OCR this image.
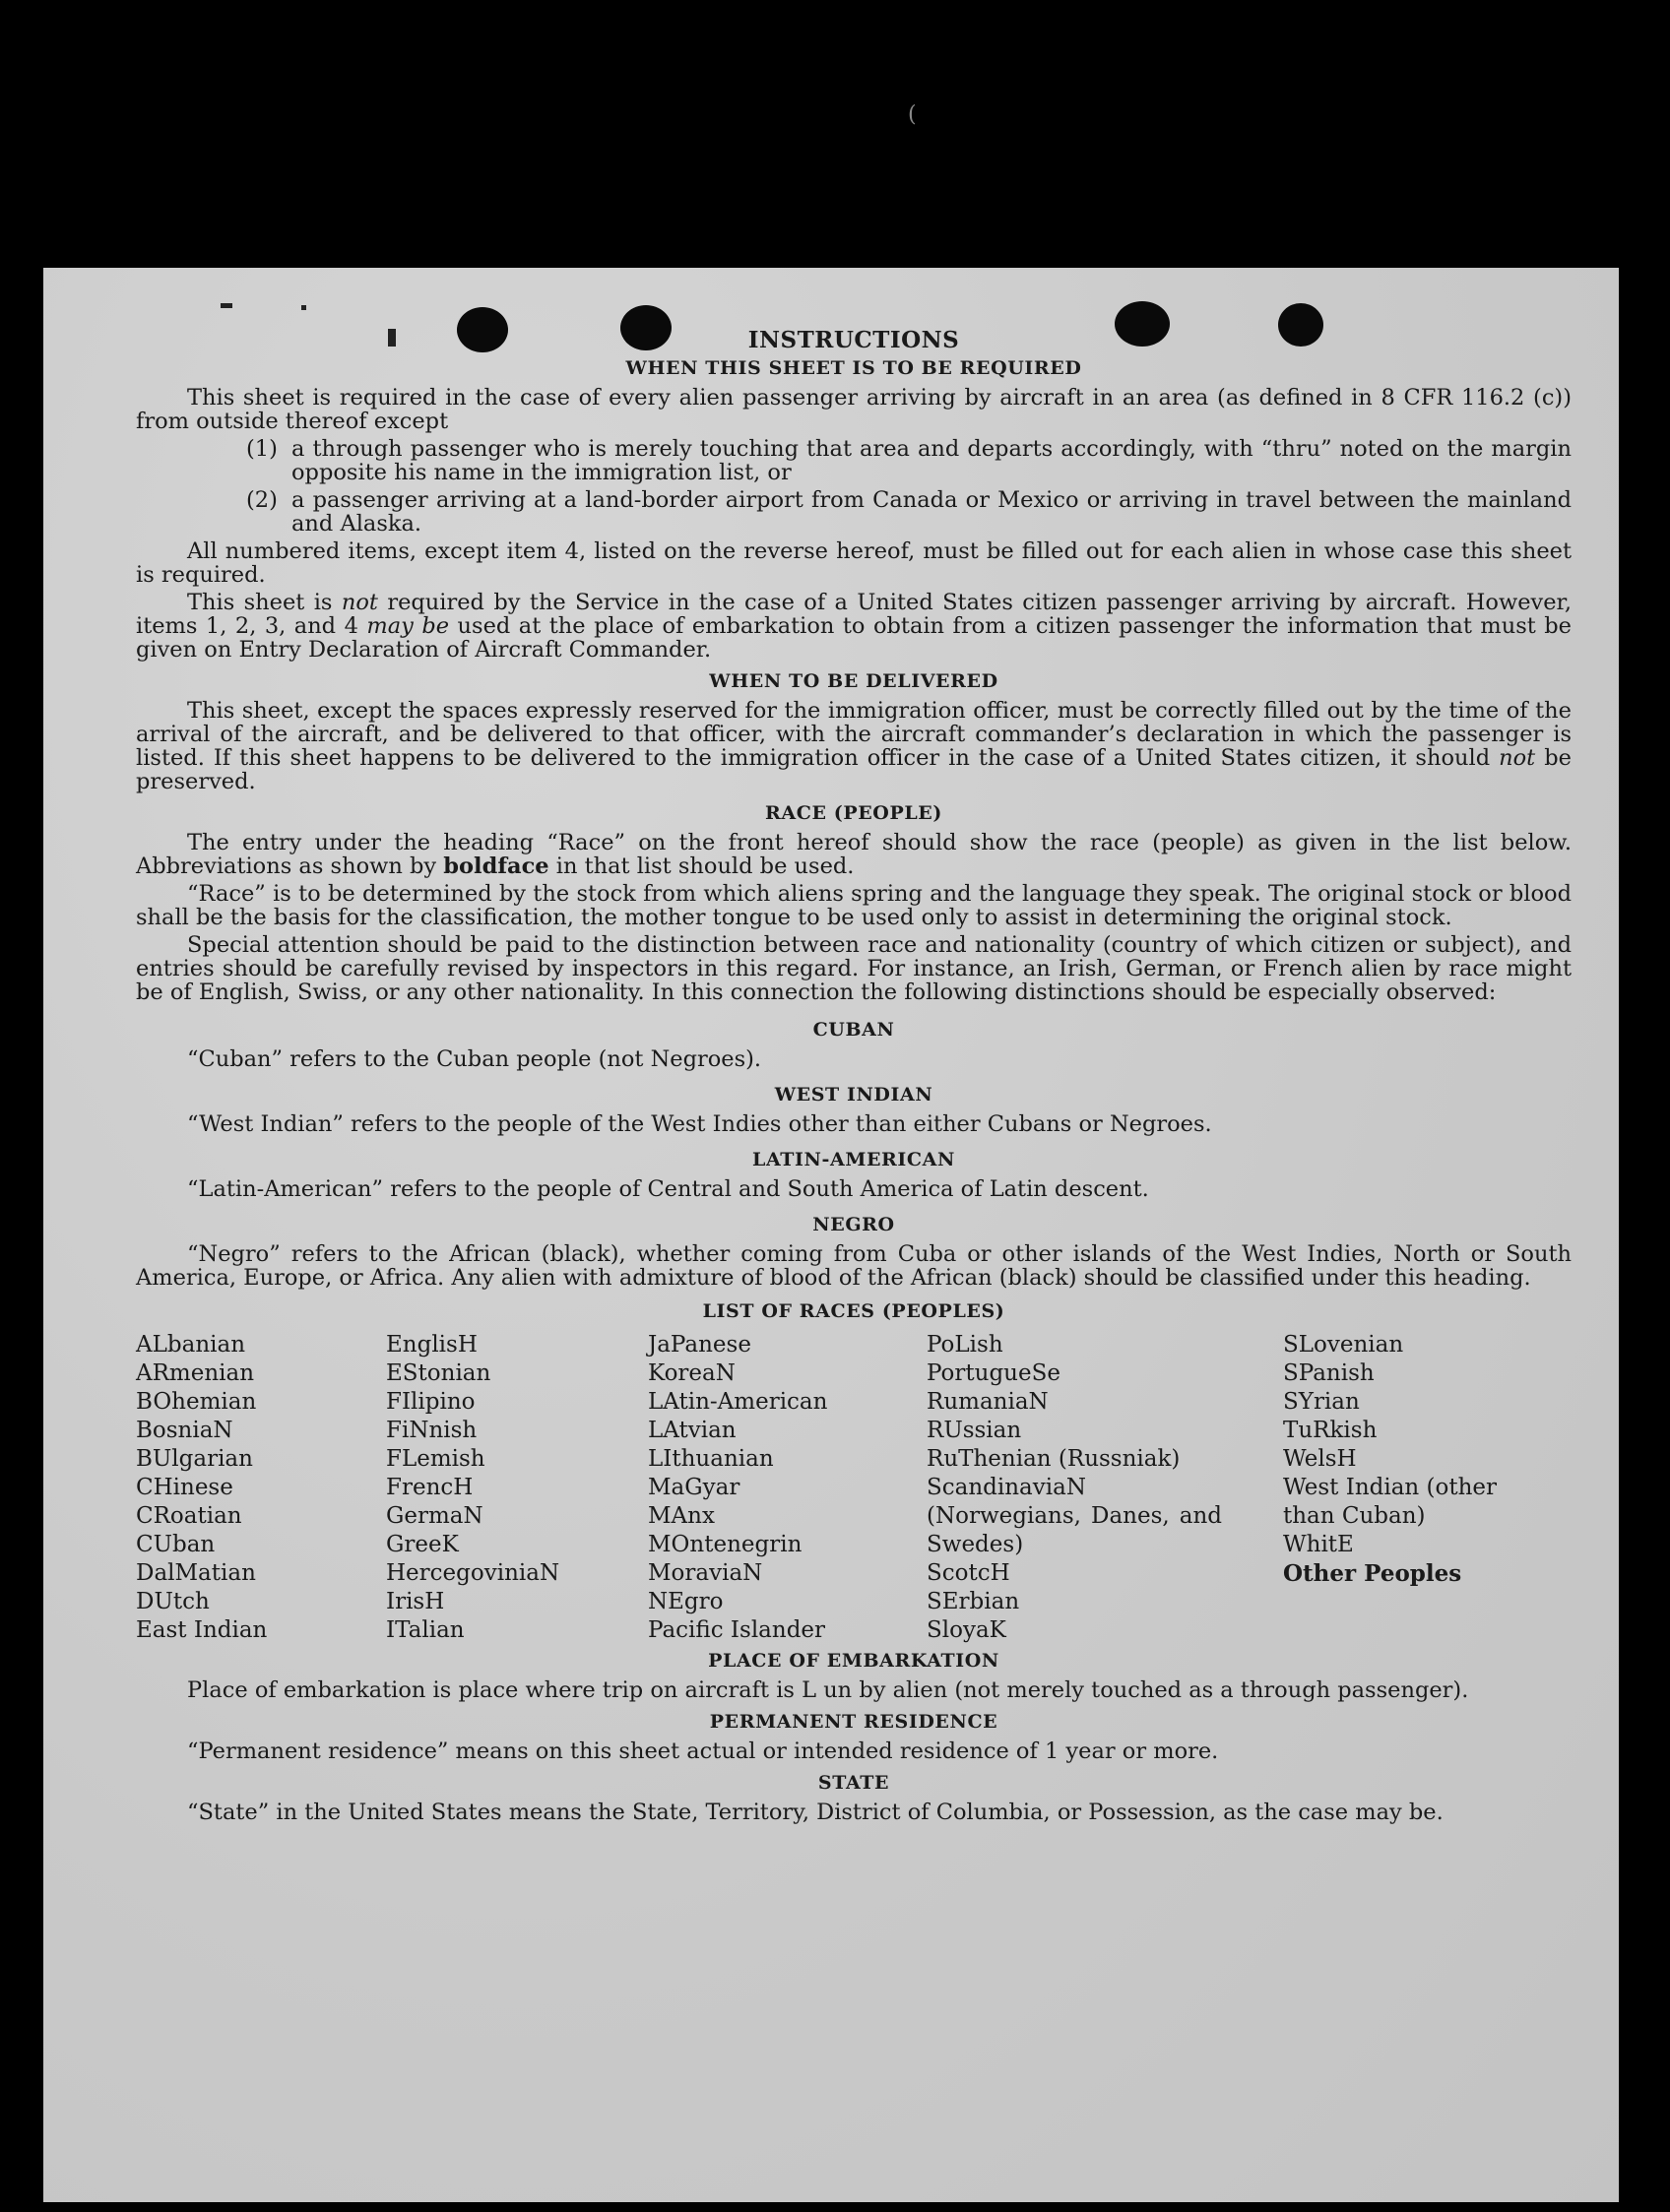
(
INSTRUCTIONS
WHEN THIS SHEET IS TO BE REQUIRED
This sheet is required in the case of every alien passenger arriving by aircraft in an area (as defined in 8 CFR 116.2 (c)) from outside thereof except
(1) a through passenger who is merely touching that area and departs accordingly, with “thru” noted on the margin opposite his name in the immigration list, or
(2) a passenger arriving at a land-border airport from Canada or Mexico or arriving in travel between the mainland and Alaska.
All numbered items, except item 4, listed on the reverse hereof, must be filled out for each alien in whose case this sheet is required.
This sheet is not required by the Service in the case of a United States citizen passenger arriving by aircraft. However, items 1, 2, 3, and 4 may be used at the place of embarkation to obtain from a citizen passenger the information that must be given on Entry Declaration of Aircraft Commander.
WHEN TO BE DELIVERED
This sheet, except the spaces expressly reserved for the immigration officer, must be correctly filled out by the time of the arrival of the aircraft, and be delivered to that officer, with the aircraft commander’s declaration in which the passenger is listed. If this sheet happens to be delivered to the immigration officer in the case of a United States citizen, it should not be preserved.
RACE (PEOPLE)
The entry under the heading “Race” on the front hereof should show the race (people) as given in the list below. Abbreviations as shown by boldface in that list should be used.
“Race” is to be determined by the stock from which aliens spring and the language they speak. The original stock or blood shall be the basis for the classification, the mother tongue to be used only to assist in determining the original stock.
Special attention should be paid to the distinction between race and nationality (country of which citizen or subject), and entries should be carefully revised by inspectors in this regard. For instance, an Irish, German, or French alien by race might be of English, Swiss, or any other nationality. In this connection the following distinctions should be especially observed:
CUBAN
“Cuban” refers to the Cuban people (not Negroes).
WEST INDIAN
“West Indian” refers to the people of the West Indies other than either Cubans or Negroes.
LATIN-AMERICAN
“Latin-American” refers to the people of Central and South America of Latin descent.
NEGRO
“Negro” refers to the African (black), whether coming from Cuba or other islands of the West Indies, North or South America, Europe, or Africa. Any alien with admixture of blood of the African (black) should be classified under this heading.
LIST OF RACES (PEOPLES)
ALbanian
ARmenian
BOhemian
BosniaN
BUlgarian
CHinese
CRoatian
CUban
DalMatian
DUtch
East Indian
EnglisH
EStonian
FIlipino
FiNnish
FLemish
FrencH
GermaN
GreeK
HercegoviniaN
IrisH
ITalian
JaPanese
KoreaN
LAtin-American
LAtvian
LIthuanian
MaGyar
MAnx
MOntenegrin
MoraviaN
NEgro
Pacific Islander
PoLish
PortugueSe
RumaniaN
RUssian
RuThenian (Russniak)
ScandinaviaN (Norwegians, Danes, and Swedes)
ScotcH
SErbian
SloyaK
SLovenian
SPanish
SYrian
TuRkish
WelsH
West Indian (other than Cuban)
WhitE
Other Peoples
PLACE OF EMBARKATION
Place of embarkation is place where trip on aircraft is L un by alien (not merely touched as a through passenger).
PERMANENT RESIDENCE
“Permanent residence” means on this sheet actual or intended residence of 1 year or more.
STATE
“State” in the United States means the State, Territory, District of Columbia, or Possession, as the case may be.
